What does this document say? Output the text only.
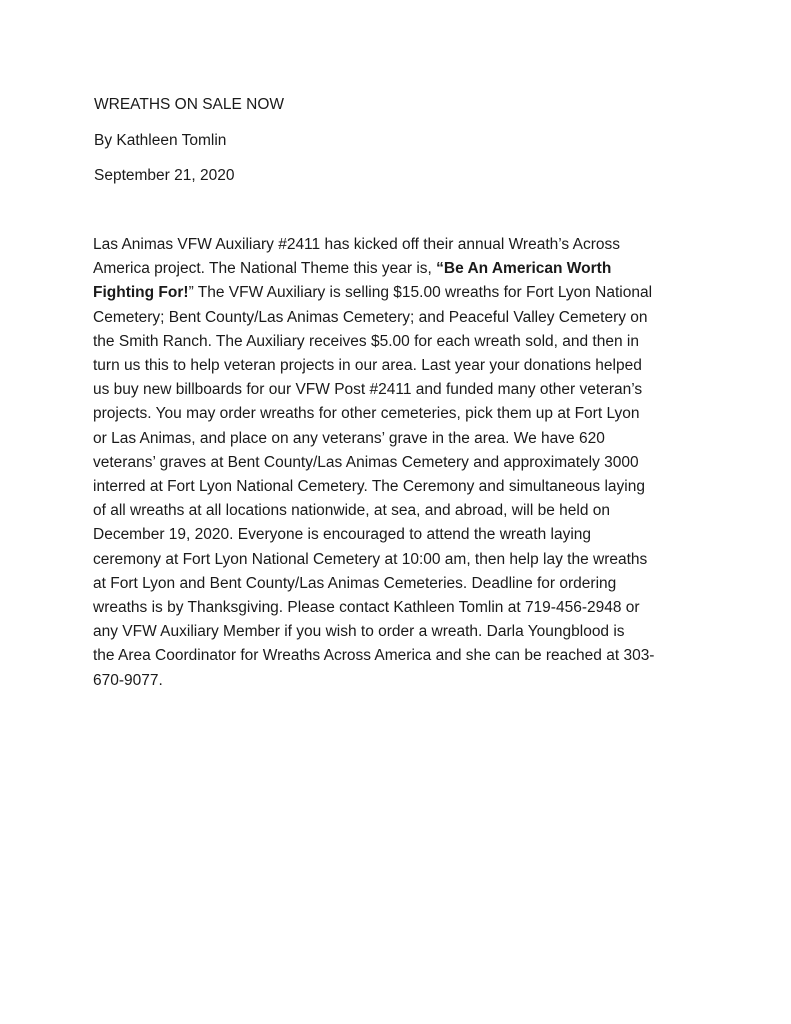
WREATHS ON SALE NOW
By Kathleen Tomlin
September 21, 2020
Las Animas VFW Auxiliary #2411 has kicked off their annual Wreath’s Across
America project. The National Theme this year is, “Be An American Worth
Fighting For!” The VFW Auxiliary is selling $15.00 wreaths for Fort Lyon National
Cemetery; Bent County/Las Animas Cemetery; and Peaceful Valley Cemetery on
the Smith Ranch. The Auxiliary receives $5.00 for each wreath sold, and then in
turn us this to help veteran projects in our area. Last year your donations helped
us buy new billboards for our VFW Post #2411 and funded many other veteran’s
projects. You may order wreaths for other cemeteries, pick them up at Fort Lyon
or Las Animas, and place on any veterans’ grave in the area. We have 620
veterans’ graves at Bent County/Las Animas Cemetery and approximately 3000
interred at Fort Lyon National Cemetery. The Ceremony and simultaneous laying
of all wreaths at all locations nationwide, at sea, and abroad, will be held on
December 19, 2020. Everyone is encouraged to attend the wreath laying
ceremony at Fort Lyon National Cemetery at 10:00 am, then help lay the wreaths
at Fort Lyon and Bent County/Las Animas Cemeteries. Deadline for ordering
wreaths is by Thanksgiving. Please contact Kathleen Tomlin at 719-456-2948 or
any VFW Auxiliary Member if you wish to order a wreath. Darla Youngblood is
the Area Coordinator for Wreaths Across America and she can be reached at 303-
670-9077.
